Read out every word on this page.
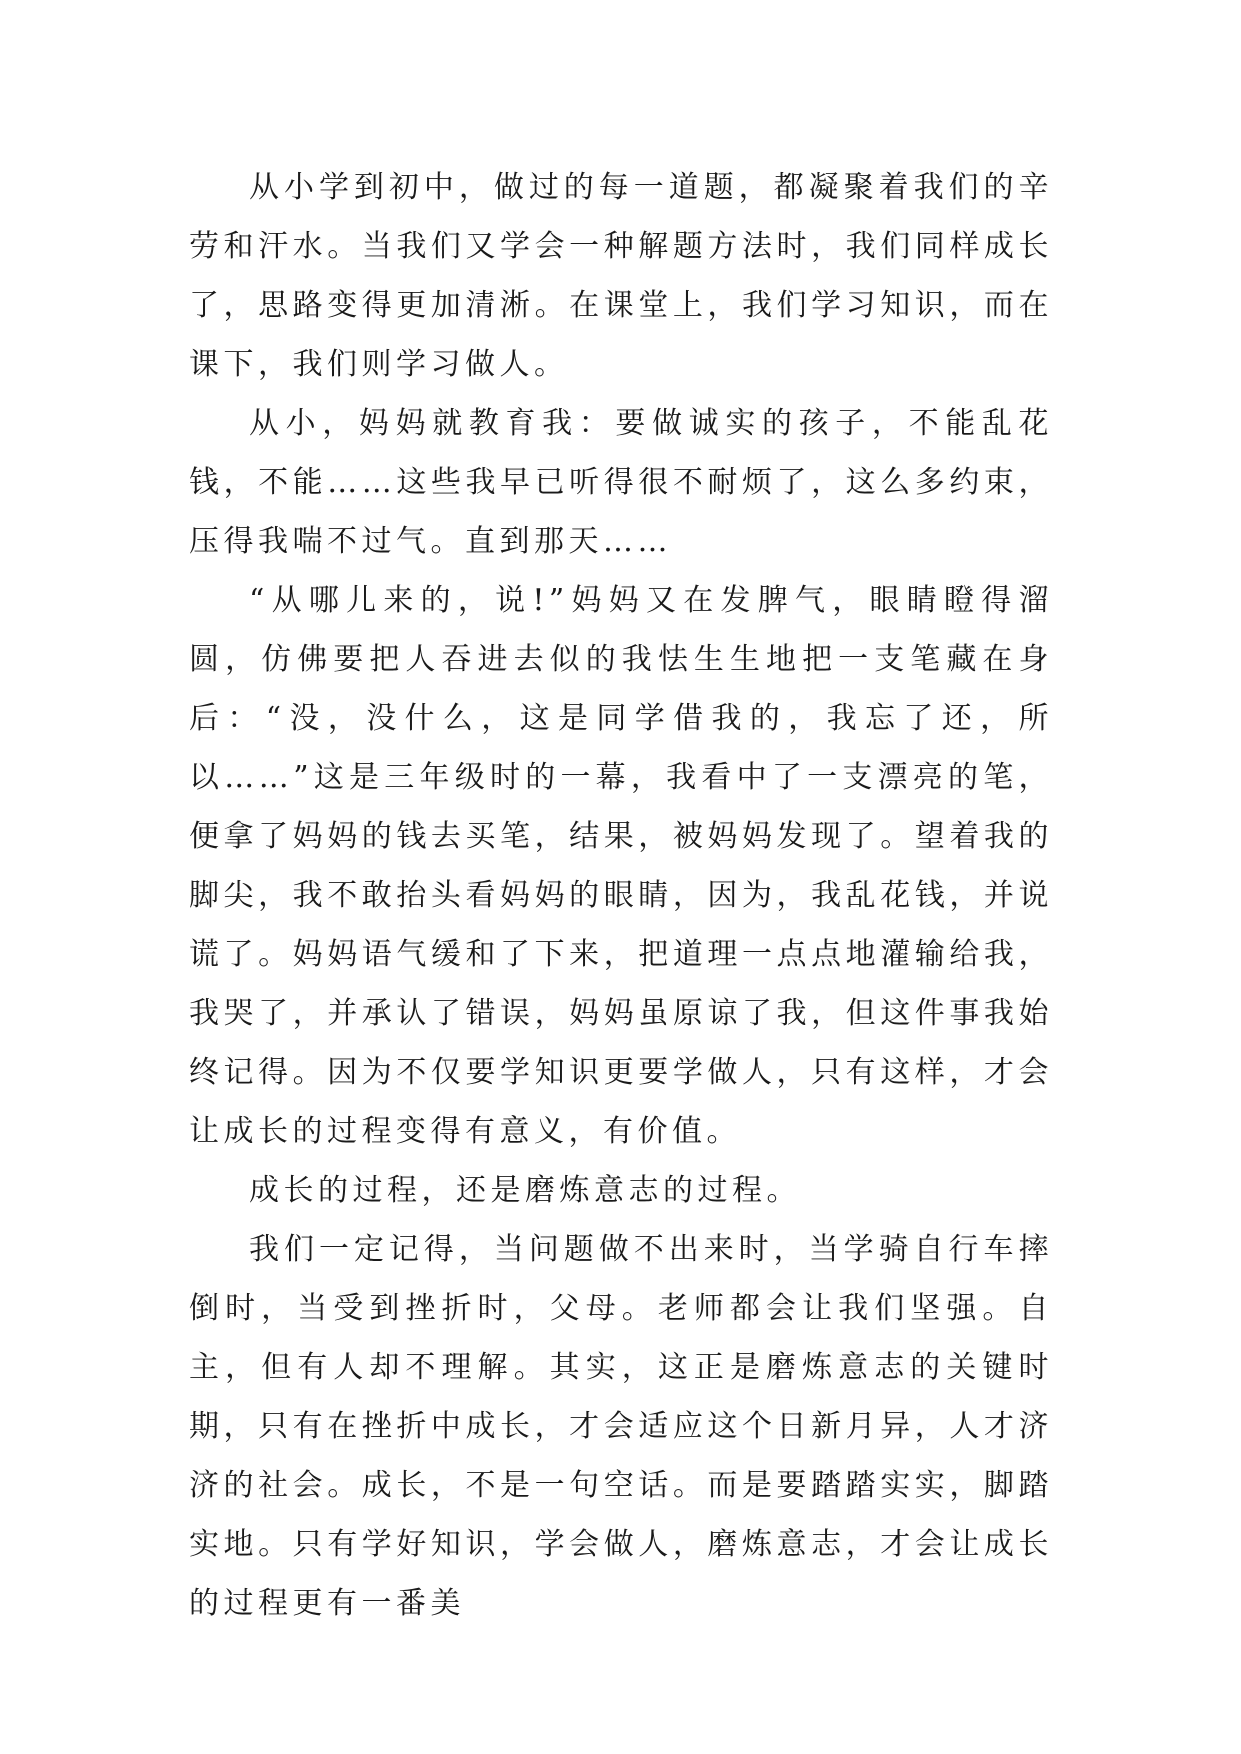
从小学到初中，做过的每一道题，都凝聚着我们的辛劳和汗水。当我们又学会一种解题方法时，我们同样成长了，思路变得更加清淅。在课堂上，我们学习知识，而在课下，我们则学习做人。

从小，妈妈就教育我：要做诚实的孩子，不能乱花钱，不能……这些我早已听得很不耐烦了，这么多约束，压得我喘不过气。直到那天……

“从哪儿来的，说!”妈妈又在发脾气，眼睛瞪得溜圆，仿佛要把人吞进去似的我怯生生地把一支笔藏在身后：“没，没什么，这是同学借我的，我忘了还，所以……”这是三年级时的一幕，我看中了一支漂亮的笔，便拿了妈妈的钱去买笔，结果，被妈妈发现了。望着我的脚尖，我不敢抬头看妈妈的眼睛，因为，我乱花钱，并说谎了。妈妈语气缓和了下来，把道理一点点地灌输给我，我哭了，并承认了错误，妈妈虽原谅了我，但这件事我始终记得。因为不仅要学知识更要学做人，只有这样，才会让成长的过程变得有意义，有价值。

成长的过程，还是磨炼意志的过程。

我们一定记得，当问题做不出来时，当学骑自行车摔倒时，当受到挫折时，父母。老师都会让我们坚强。自主，但有人却不理解。其实，这正是磨炼意志的关键时期，只有在挫折中成长，才会适应这个日新月异，人才济济的社会。成长，不是一句空话。而是要踏踏实实，脚踏实地。只有学好知识，学会做人，磨炼意志，才会让成长的过程更有一番美
